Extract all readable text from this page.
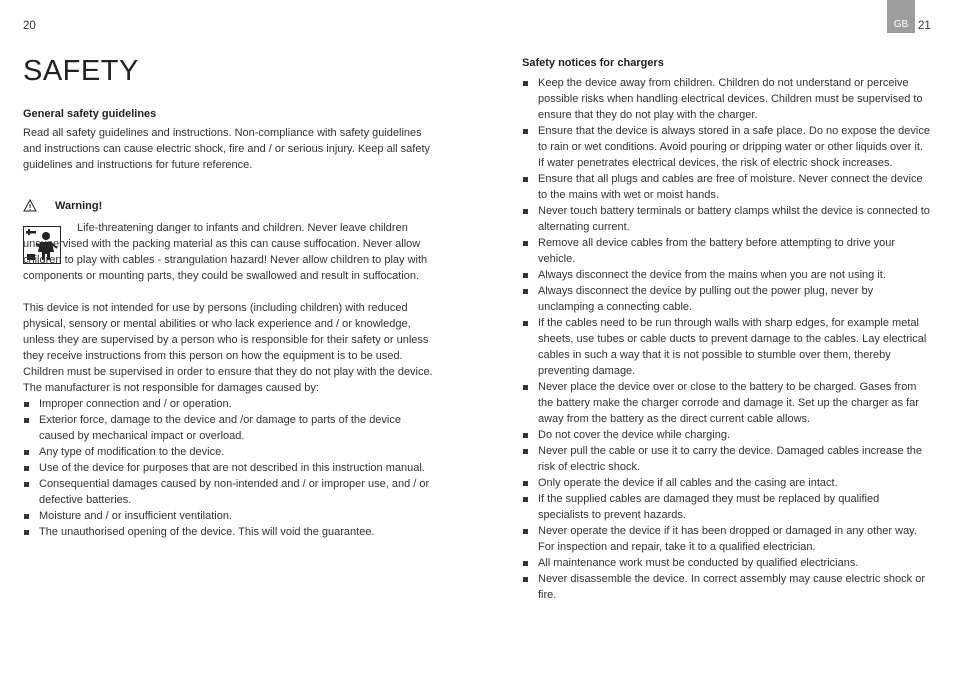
20	GB 21
SAFETY
General safety guidelines

Read all safety guidelines and instructions. Non-compliance with safety guidelines and instructions can cause electric shock, fire and / or serious injury. Keep all safety guidelines and instructions for future reference.

Warning!

Life-threatening danger to infants and children. Never leave children unsupervised with the packing material as this can cause suffocation. Never allow children to play with cables - strangulation hazard! Never allow children to play with components or mounting parts, they could be swallowed and result in suffocation.

This device is not intended for use by persons (including children) with reduced physical, sensory or mental abilities or who lack experience and / or knowledge, unless they are supervised by a person who is responsible for their safety or unless they receive instructions from this person on how the equipment is to be used. Children must be supervised in order to ensure that they do not play with the device.

The manufacturer is not responsible for damages caused by:

Improper connection and / or operation.
Exterior force, damage to the device and /or damage to parts of the device caused by mechanical impact or overload.
Any type of modification to the device.
Use of the device for purposes that are not described in this instruction manual.
Consequential damages caused by non-intended and / or improper use, and / or defective batteries.
Moisture and / or insufficient ventilation.
The unauthorised opening of the device. This will void the guarantee.
Safety notices for chargers
Keep the device away from children. Children do not understand or perceive possible risks when handling electrical devices. Children must be supervised to ensure that they do not play with the charger.
Ensure that the device is always stored in a safe place. Do no expose the device to rain or wet conditions. Avoid pouring or dripping water or other liquids over it. If water penetrates electrical devices, the risk of electric shock increases.
Ensure that all plugs and cables are free of moisture. Never connect the device to the mains with wet or moist hands.
Never touch battery terminals or battery clamps whilst the device is connected to alternating current.
Remove all device cables from the battery before attempting to drive your vehicle.
Always disconnect the device from the mains when you are not using it.
Always disconnect the device by pulling out the power plug, never by unclamping a connecting cable.
If the cables need to be run through walls with sharp edges, for example metal sheets, use tubes or cable ducts to prevent damage to the cables. Lay electrical cables in such a way that it is not possible to stumble over them, thereby preventing damage.
Never place the device over or close to the battery to be charged. Gases from the battery make the charger corrode and damage it. Set up the charger as far away from the battery as the direct current cable allows.
Do not cover the device while charging.
Never pull the cable or use it to carry the device. Damaged cables increase the risk of electric shock.
Only operate the device if all cables and the casing are intact.
If the supplied cables are damaged they must be replaced by qualified specialists to prevent hazards.
Never operate the device if it has been dropped or damaged in any other way. For inspection and repair, take it to a qualified electrician.
All maintenance work must be conducted by qualified electricians.
Never disassemble the device. In correct assembly may cause electric shock or fire.
